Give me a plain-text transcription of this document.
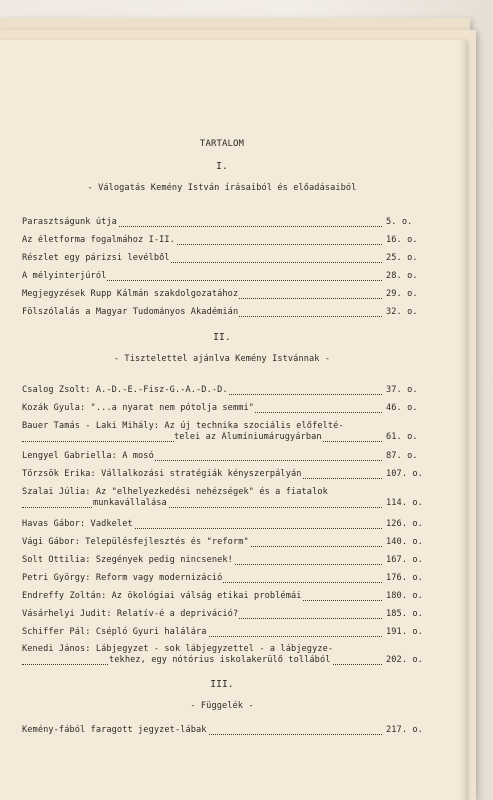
TARTALOM
I.
- Válogatás Kemény István írásaiból és előadásaiból
Parasztságunk útja	5. o.
Az életforma fogalmához I-II.	16. o.
Részlet egy párizsi levélből	25. o.
A mélyinterjúról	28. o.
Megjegyzések Rupp Kálmán szakdolgozatához	29. o.
Fölszólalás a Magyar Tudományos Akadémián	32. o.
II.
- Tisztelettel ajánlva Kemény Istvánnak -
Csalog Zsolt: A.-D.-E.-Fisz-G.-A.-D.-D.	37. o.
Kozák Gyula: "...a nyarat nem pótolja semmi"	46. o.
Bauer Tamás - Laki Mihály: Az új technika szociális előfelté-
telei az Alumíniumárugyárban	61. o.
Lengyel Gabriella: A mosó	87. o.
Törzsök Erika: Vállalkozási stratégiák kényszerpályán	107. o.
Szalai Júlia: Az "elhelyezkedési nehézségek" és a fiatalok
munkavállalása	114. o.
Havas Gábor: Vadkelet	126. o.
Vági Gábor: Településfejlesztés és "reform"	140. o.
Solt Ottilia: Szegények pedig nincsenek!	167. o.
Petri György: Reform vagy modernizáció	176. o.
Endreffy Zoltán: Az ökológiai válság etikai problémái	180. o.
Vásárhelyi Judit: Relatív-é a depriváció?	185. o.
Schiffer Pál: Csépló Gyuri halálára	191. o.
Kenedi János: Lábjegyzet - sok lábjegyzettel - a lábjegyze-
tekhez, egy nótórius iskolakerülő tollából	202. o.
III.
- Függelék -
Kemény-fából faragott jegyzet-lábak	217. o.
